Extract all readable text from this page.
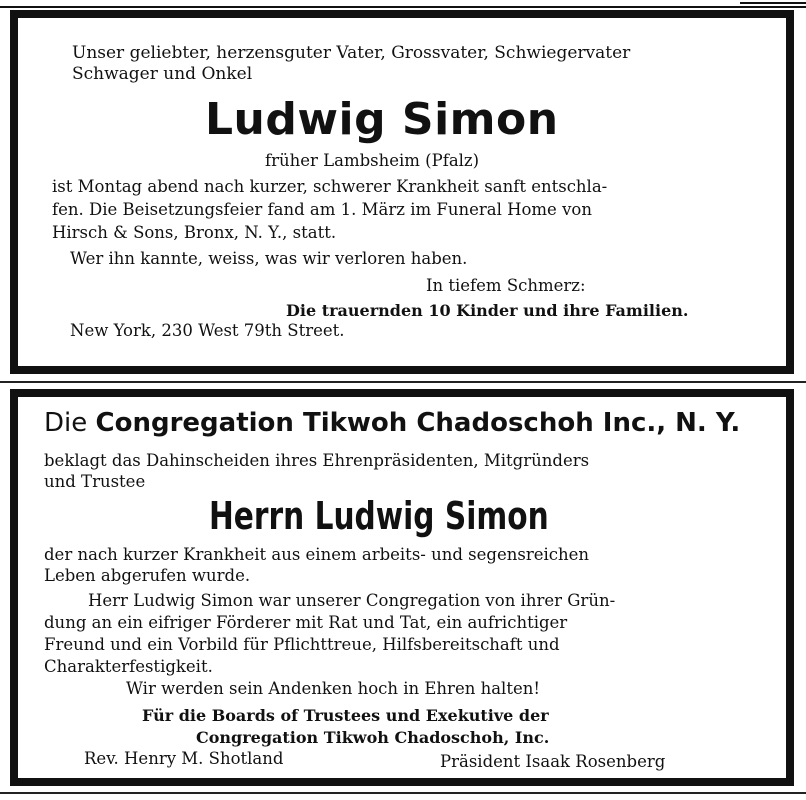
Unser geliebter, herzensguter Vater, Grossvater, Schwiegervater
Schwager und Onkel
Ludwig Simon
früher Lambsheim (Pfalz)
ist Montag abend nach kurzer, schwerer Krankheit sanft entschla-
fen. Die Beisetzungsfeier fand am 1. März im Funeral Home von
Hirsch & Sons, Bronx, N. Y., statt.
Wer ihn kannte, weiss, was wir verloren haben.
In tiefem Schmerz:
Die trauernden 10 Kinder und ihre Familien.
New York, 230 West 79th Street.
Die Congregation Tikwoh Chadoschoh Inc., N. Y.
beklagt das Dahinscheiden ihres Ehrenpräsidenten, Mitgründers
und Trustee
Herrn Ludwig Simon
der nach kurzer Krankheit aus einem arbeits- und segensreichen
Leben abgerufen wurde.
Herr Ludwig Simon war unserer Congregation von ihrer Grün-
dung an ein eifriger Förderer mit Rat und Tat, ein aufrichtiger
Freund und ein Vorbild für Pflichttreue, Hilfsbereitschaft und
Charakterfestigkeit.
Wir werden sein Andenken hoch in Ehren halten!
Für die Boards of Trustees und Exekutive der
Congregation Tikwoh Chadoschoh, Inc.
Rev. Henry M. Shotland	Präsident Isaak Rosenberg
